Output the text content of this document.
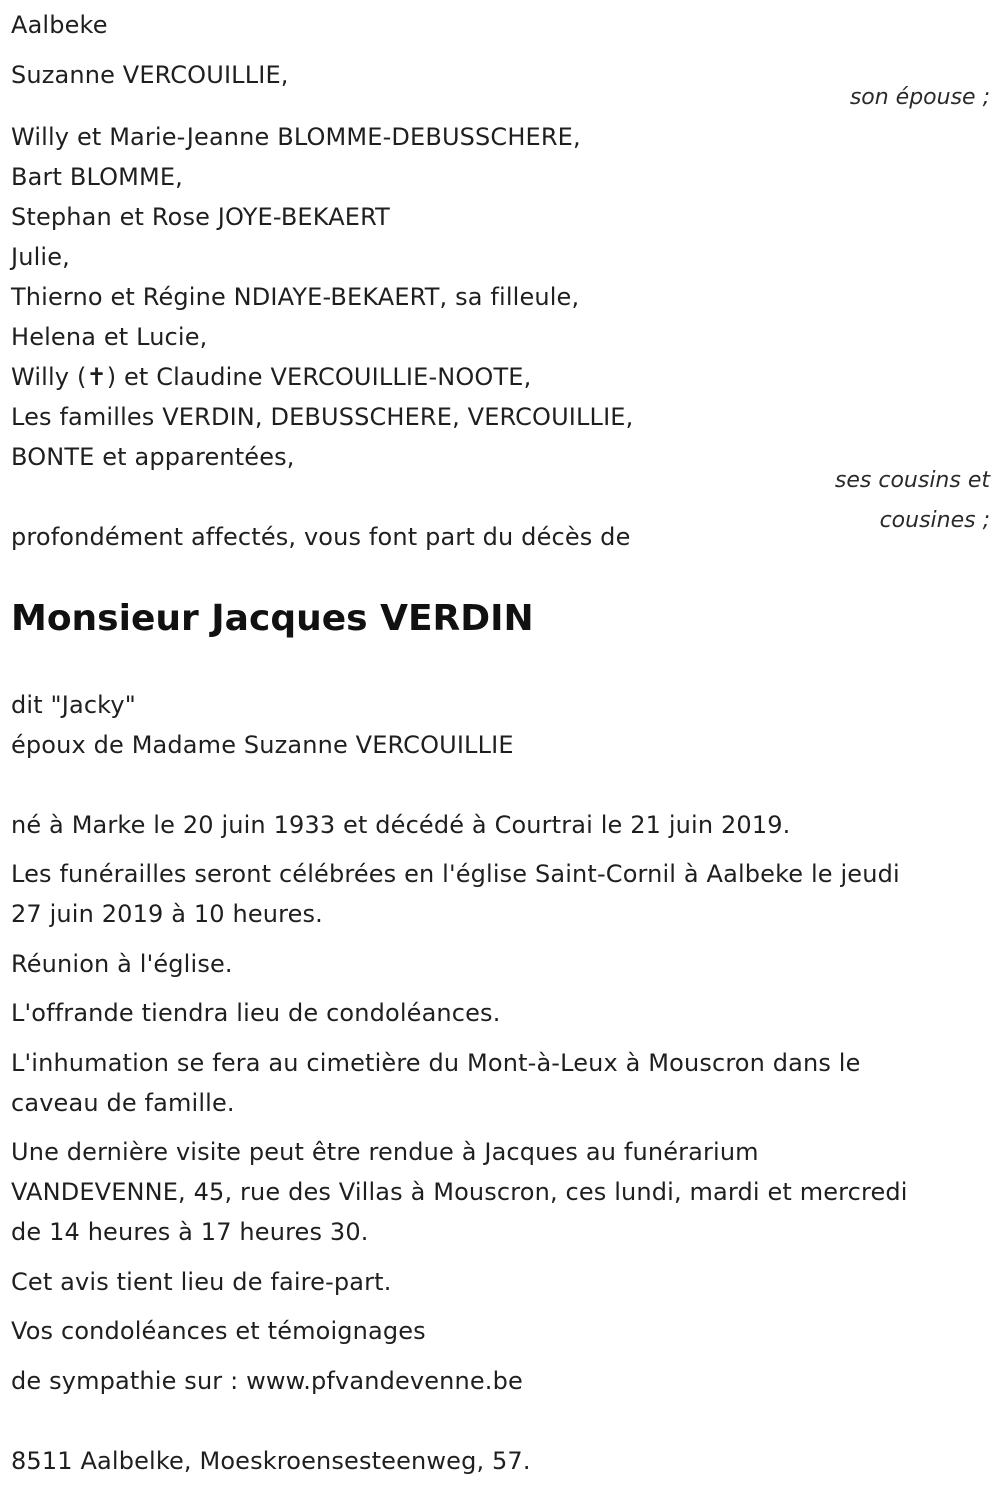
Aalbeke
Suzanne VERCOUILLIE,
son épouse ;
Willy et Marie-Jeanne BLOMME-DEBUSSCHERE,
Bart BLOMME,
Stephan et Rose JOYE-BEKAERT
Julie,
Thierno et Régine NDIAYE-BEKAERT, sa filleule,
Helena et Lucie,
Willy (✝) et Claudine VERCOUILLIE-NOOTE,
Les familles VERDIN, DEBUSSCHERE, VERCOUILLIE,
BONTE et apparentées,
ses cousins et
cousines ;
profondément affectés, vous font part du décès de
Monsieur Jacques VERDIN
dit "Jacky"
époux de Madame Suzanne VERCOUILLIE
né à Marke le 20 juin 1933 et décédé à Courtrai le 21 juin 2019.
Les funérailles seront célébrées en l'église Saint-Cornil à Aalbeke le jeudi
27 juin 2019 à 10 heures.
Réunion à l'église.
L'offrande tiendra lieu de condoléances.
L'inhumation se fera au cimetière du Mont-à-Leux à Mouscron dans le
caveau de famille.
Une dernière visite peut être rendue à Jacques au funérarium
VANDEVENNE, 45, rue des Villas à Mouscron, ces lundi, mardi et mercredi
de 14 heures à 17 heures 30.
Cet avis tient lieu de faire-part.
Vos condoléances et témoignages
de sympathie sur : www.pfvandevenne.be
8511 Aalbelke, Moeskroensesteenweg, 57.
